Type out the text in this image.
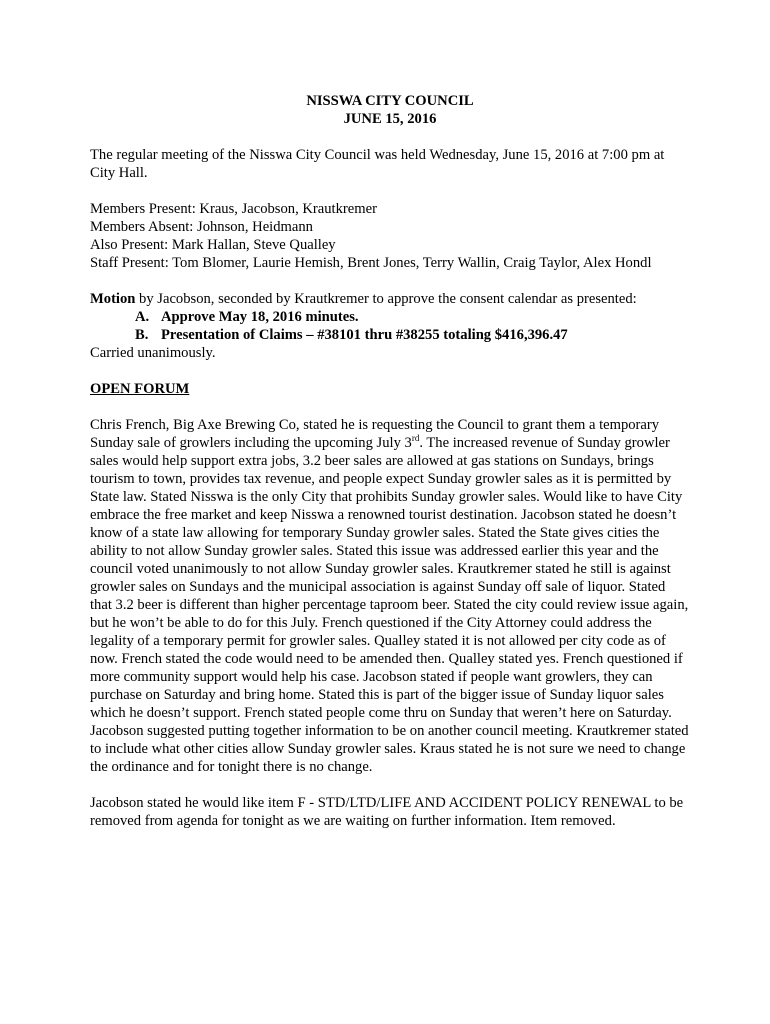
NISSWA CITY COUNCIL

JUNE 15, 2016

The regular meeting of the Nisswa City Council was held Wednesday, June 15, 2016 at 7:00 pm at City Hall.

Members Present: Kraus, Jacobson, Krautkremer

Members Absent: Johnson, Heidmann

Also Present: Mark Hallan, Steve Qualley

Staff Present: Tom Blomer, Laurie Hemish, Brent Jones, Terry Wallin, Craig Taylor, Alex Hondl

Motion by Jacobson, seconded by Krautkremer to approve the consent calendar as presented:

A. Approve May 18, 2016 minutes.
B. Presentation of Claims – #38101 thru #38255 totaling $416,396.47

Carried unanimously.

OPEN FORUM

Chris French, Big Axe Brewing Co, stated he is requesting the Council to grant them a temporary Sunday sale of growlers including the upcoming July 3rd. The increased revenue of Sunday growler sales would help support extra jobs, 3.2 beer sales are allowed at gas stations on Sundays, brings tourism to town, provides tax revenue, and people expect Sunday growler sales as it is permitted by State law. Stated Nisswa is the only City that prohibits Sunday growler sales. Would like to have City embrace the free market and keep Nisswa a renowned tourist destination. Jacobson stated he doesn’t know of a state law allowing for temporary Sunday growler sales. Stated the State gives cities the ability to not allow Sunday growler sales. Stated this issue was addressed earlier this year and the council voted unanimously to not allow Sunday growler sales. Krautkremer stated he still is against growler sales on Sundays and the municipal association is against Sunday off sale of liquor. Stated that 3.2 beer is different than higher percentage taproom beer. Stated the city could review issue again, but he won’t be able to do for this July. French questioned if the City Attorney could address the legality of a temporary permit for growler sales. Qualley stated it is not allowed per city code as of now. French stated the code would need to be amended then. Qualley stated yes. French questioned if more community support would help his case. Jacobson stated if people want growlers, they can purchase on Saturday and bring home. Stated this is part of the bigger issue of Sunday liquor sales which he doesn’t support. French stated people come thru on Sunday that weren’t here on Saturday. Jacobson suggested putting together information to be on another council meeting. Krautkremer stated to include what other cities allow Sunday growler sales. Kraus stated he is not sure we need to change the ordinance and for tonight there is no change.

Jacobson stated he would like item F - STD/LTD/LIFE AND ACCIDENT POLICY RENEWAL to be removed from agenda for tonight as we are waiting on further information. Item removed.
